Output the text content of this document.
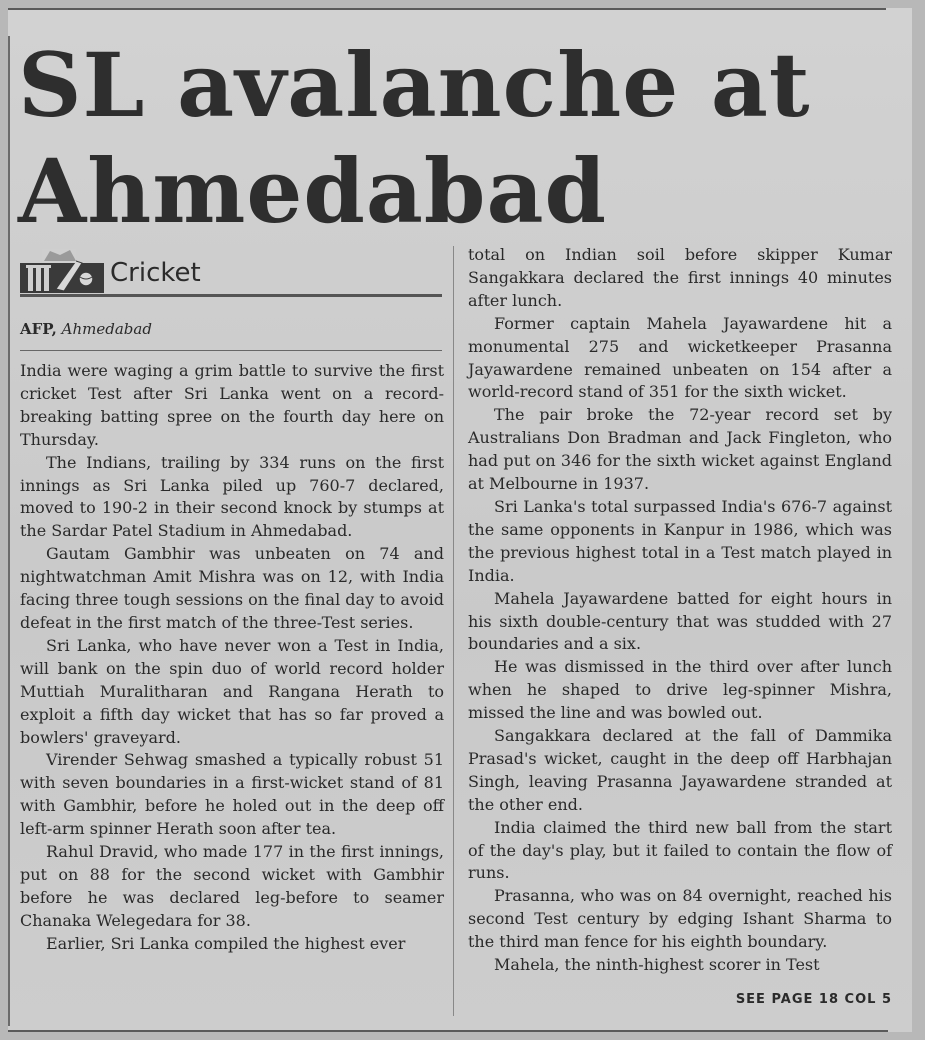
SL avalanche at Ahmedabad
Cricket
AFP, Ahmedabad

India were waging a grim battle to survive the first cricket Test after Sri Lanka went on a record-breaking batting spree on the fourth day here on Thursday.

The Indians, trailing by 334 runs on the first innings as Sri Lanka piled up 760-7 declared, moved to 190-2 in their second knock by stumps at the Sardar Patel Stadium in Ahmedabad.

Gautam Gambhir was unbeaten on 74 and nightwatchman Amit Mishra was on 12, with India facing three tough sessions on the final day to avoid defeat in the first match of the three-Test series.

Sri Lanka, who have never won a Test in India, will bank on the spin duo of world record holder Muttiah Muralitharan and Rangana Herath to exploit a fifth day wicket that has so far proved a bowlers' graveyard.

Virender Sehwag smashed a typically robust 51 with seven boundaries in a first-wicket stand of 81 with Gambhir, before he holed out in the deep off left-arm spinner Herath soon after tea.

Rahul Dravid, who made 177 in the first innings, put on 88 for the second wicket with Gambhir before he was declared leg-before to seamer Chanaka Welegedara for 38.

Earlier, Sri Lanka compiled the highest ever

total on Indian soil before skipper Kumar Sangakkara declared the first innings 40 minutes after lunch.

Former captain Mahela Jayawardene hit a monumental 275 and wicketkeeper Prasanna Jayawardene remained unbeaten on 154 after a world-record stand of 351 for the sixth wicket.

The pair broke the 72-year record set by Australians Don Bradman and Jack Fingleton, who had put on 346 for the sixth wicket against England at Melbourne in 1937.

Sri Lanka's total surpassed India's 676-7 against the same opponents in Kanpur in 1986, which was the previous highest total in a Test match played in India.

Mahela Jayawardene batted for eight hours in his sixth double-century that was studded with 27 boundaries and a six.

He was dismissed in the third over after lunch when he shaped to drive leg-spinner Mishra, missed the line and was bowled out.

Sangakkara declared at the fall of Dammika Prasad's wicket, caught in the deep off Harbhajan Singh, leaving Prasanna Jayawardene stranded at the other end.

India claimed the third new ball from the start of the day's play, but it failed to contain the flow of runs.

Prasanna, who was on 84 overnight, reached his second Test century by edging Ishant Sharma to the third man fence for his eighth boundary.

Mahela, the ninth-highest scorer in Test

SEE PAGE 18 COL 5
